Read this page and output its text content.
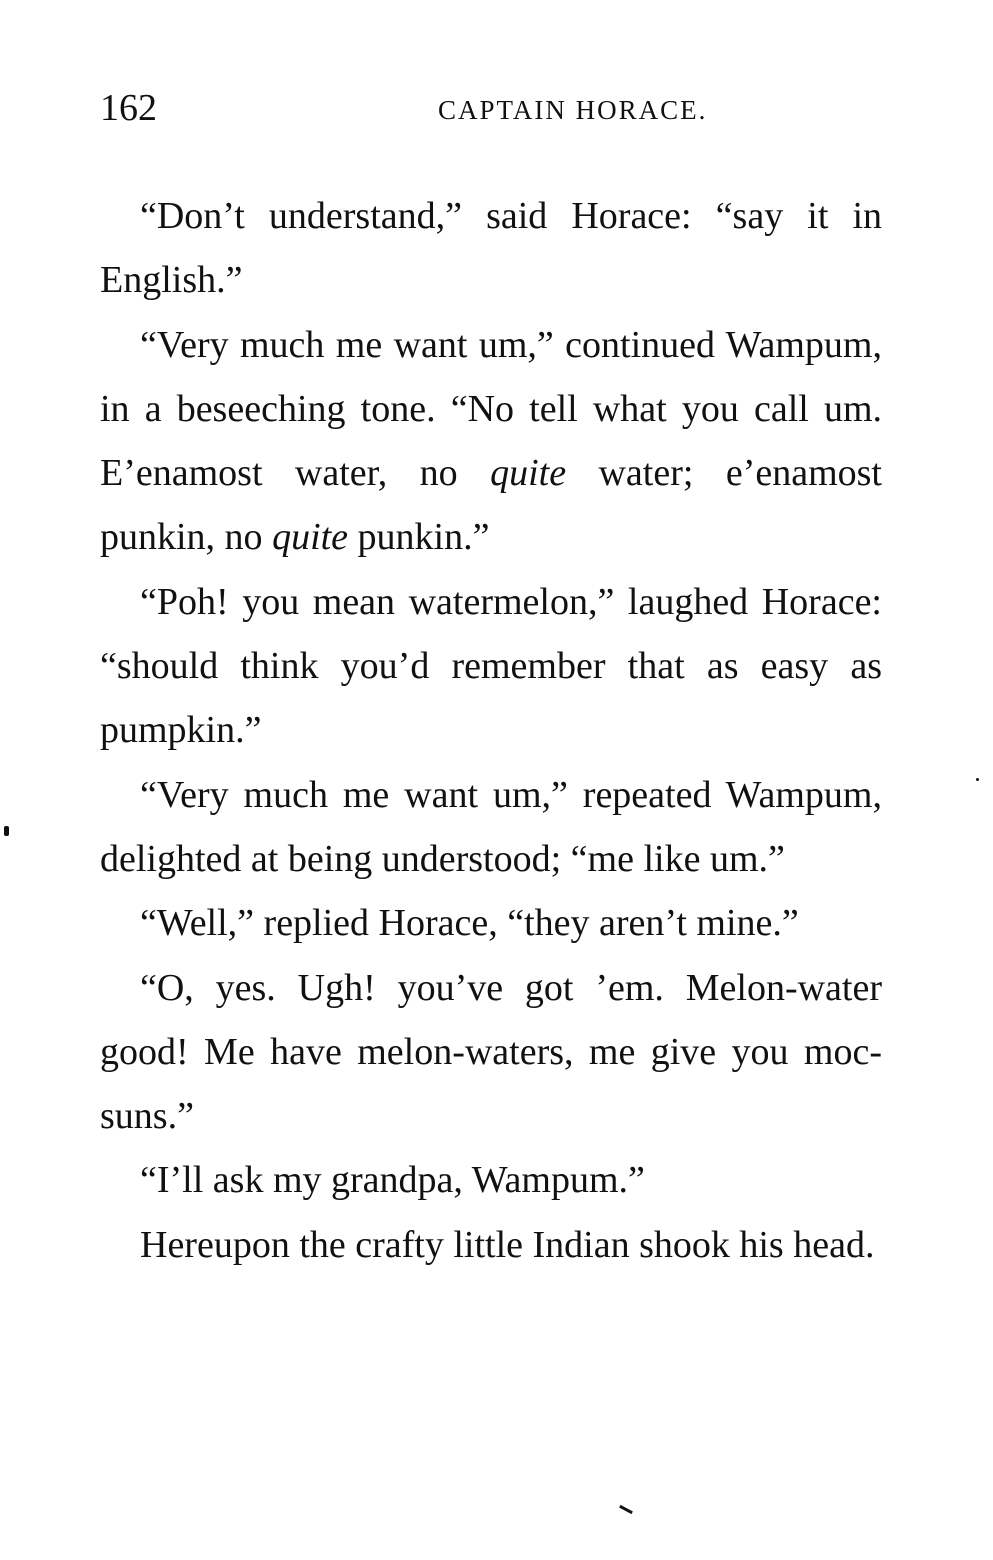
162	CAPTAIN HORACE.

“Don’t understand,” said Horace: “say it in English.”

“Very much me want um,” continued Wampum, in a beseeching tone. “No tell what you call um. E’enamost water, no quite water; e’enamost punkin, no quite punkin.”

“Poh! you mean watermelon,” laughed Horace: “should think you’d remember that as easy as pumpkin.”

“Very much me want um,” repeated Wampum, delighted at being understood; “me like um.”

“Well,” replied Horace, “they aren’t mine.”

“O, yes. Ugh! you’ve got ’em. Melon-water good! Me have melon-waters, me give you moc-suns.”

“I’ll ask my grandpa, Wampum.”

Hereupon the crafty little Indian shook his head.
